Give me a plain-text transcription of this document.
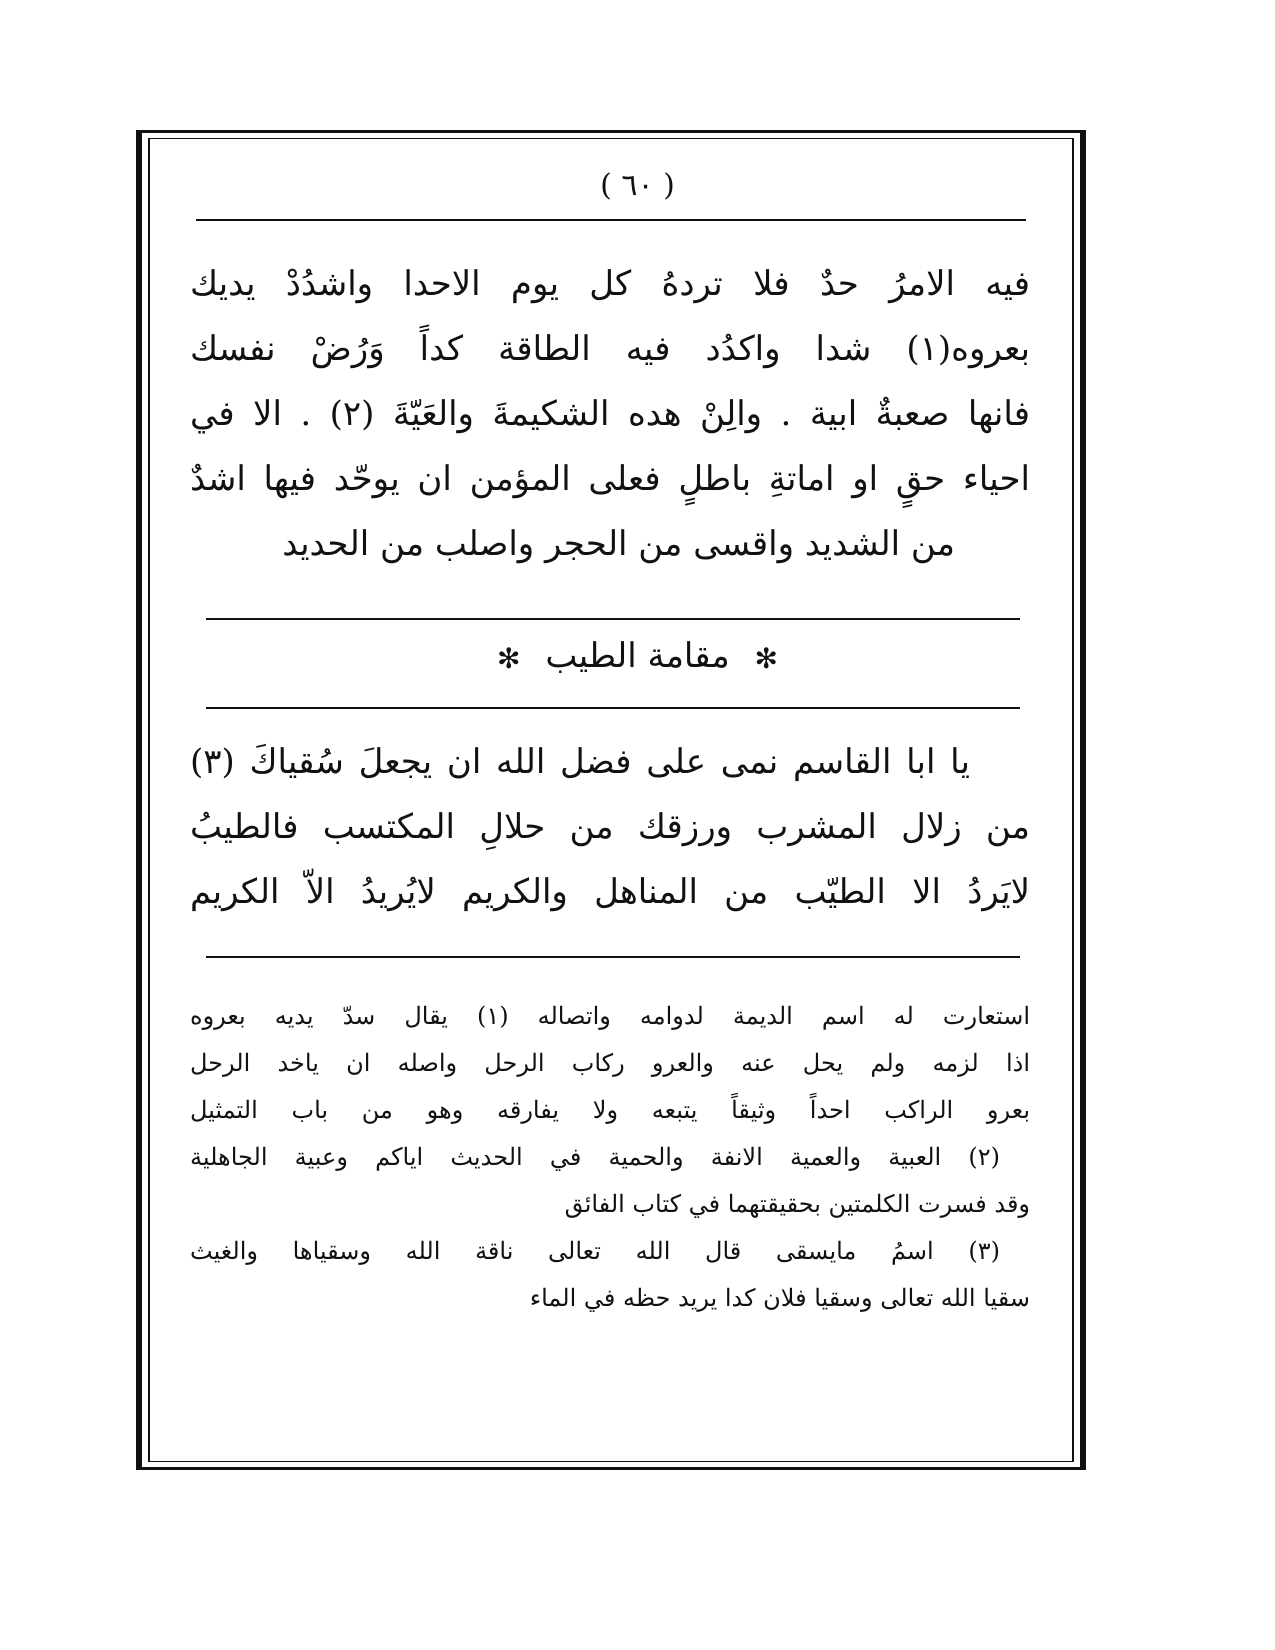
( ٦٠ )
فيه الامرُ حدٌ فلا تردهُ كل يوم الاحدا واشدُدْ يديك
بعروه(١) شدا واكدُد فيه الطاقة كداً وَرُضْ نفسك
فانها صعبةٌ ابية . والِنْ هده الشكيمةَ والعَيّةَ (٢) . الا في
احياء حقٍ او اماتةِ باطلٍ فعلى المؤمن ان يوحّد فيها اشدٌ
من الشديد واقسى من الحجر واصلب من الحديد
✻ مقامة الطيب ✻
يا ابا القاسم نمى على فضل الله ان يجعلَ سُقياكَ (٣)
من زلال المشرب ورزقك من حلالِ المكتسب فالطيبُ
لايَردُ الا الطيّب من المناهل والكريم لايُريدُ الاّ الكريم
استعارت له اسم الديمة لدوامه واتصاله (١) يقال سدّ يديه بعروه
اذا لزمه ولم يحل عنه والعرو ركاب الرحل واصله ان ياخد الرحل
بعرو الراكب احداً وثيقاً يتبعه ولا يفارقه وهو من باب التمثيل
(٢) العبية والعمية الانفة والحمية في الحديث اياكم وعبية الجاهلية
وقد فسرت الكلمتين بحقيقتهما في كتاب الفائق
(٣) اسمُ مايسقى قال الله تعالى ناقة الله وسقياها والغيث
سقيا الله تعالى وسقيا فلان كدا يريد حظه في الماء
